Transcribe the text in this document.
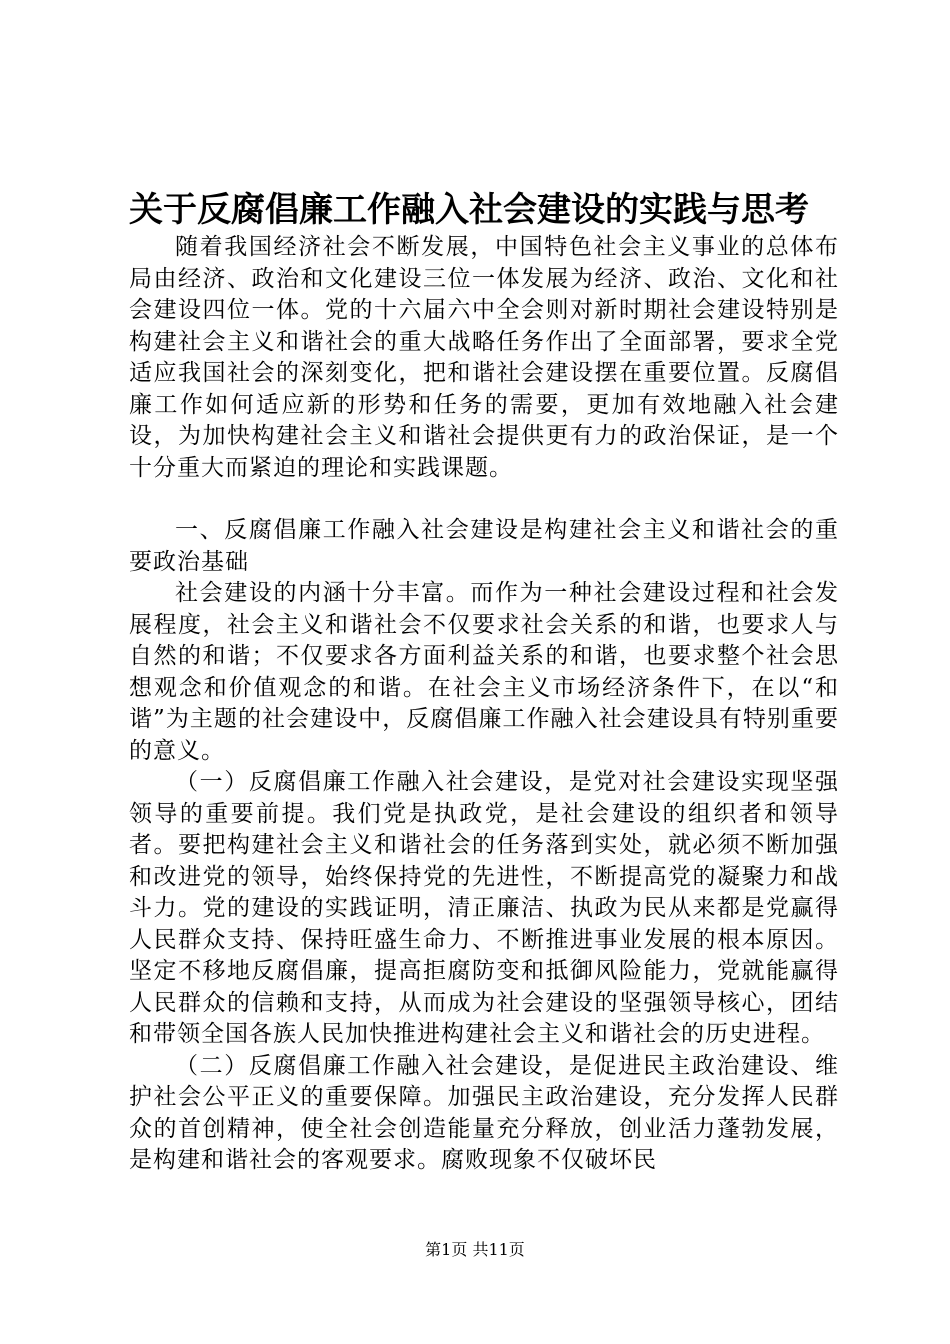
关于反腐倡廉工作融入社会建设的实践与思考

随着我国经济社会不断发展，中国特色社会主义事业的总体布局由经济、政治和文化建设三位一体发展为经济、政治、文化和社会建设四位一体。党的十六届六中全会则对新时期社会建设特别是构建社会主义和谐社会的重大战略任务作出了全面部署，要求全党适应我国社会的深刻变化，把和谐社会建设摆在重要位置。反腐倡廉工作如何适应新的形势和任务的需要，更加有效地融入社会建设，为加快构建社会主义和谐社会提供更有力的政治保证，是一个十分重大而紧迫的理论和实践课题。

一、反腐倡廉工作融入社会建设是构建社会主义和谐社会的重要政治基础

社会建设的内涵十分丰富。而作为一种社会建设过程和社会发展程度，社会主义和谐社会不仅要求社会关系的和谐，也要求人与自然的和谐；不仅要求各方面利益关系的和谐，也要求整个社会思想观念和价值观念的和谐。在社会主义市场经济条件下，在以“和谐”为主题的社会建设中，反腐倡廉工作融入社会建设具有特别重要的意义。

（一）反腐倡廉工作融入社会建设，是党对社会建设实现坚强领导的重要前提。我们党是执政党，是社会建设的组织者和领导者。要把构建社会主义和谐社会的任务落到实处，就必须不断加强和改进党的领导，始终保持党的先进性，不断提高党的凝聚力和战斗力。党的建设的实践证明，清正廉洁、执政为民从来都是党赢得人民群众支持、保持旺盛生命力、不断推进事业发展的根本原因。坚定不移地反腐倡廉，提高拒腐防变和抵御风险能力，党就能赢得人民群众的信赖和支持，从而成为社会建设的坚强领导核心，团结和带领全国各族人民加快推进构建社会主义和谐社会的历史进程。

（二）反腐倡廉工作融入社会建设，是促进民主政治建设、维护社会公平正义的重要保障。加强民主政治建设，充分发挥人民群众的首创精神，使全社会创造能量充分释放，创业活力蓬勃发展，是构建和谐社会的客观要求。腐败现象不仅破坏民

第1页 共11页
